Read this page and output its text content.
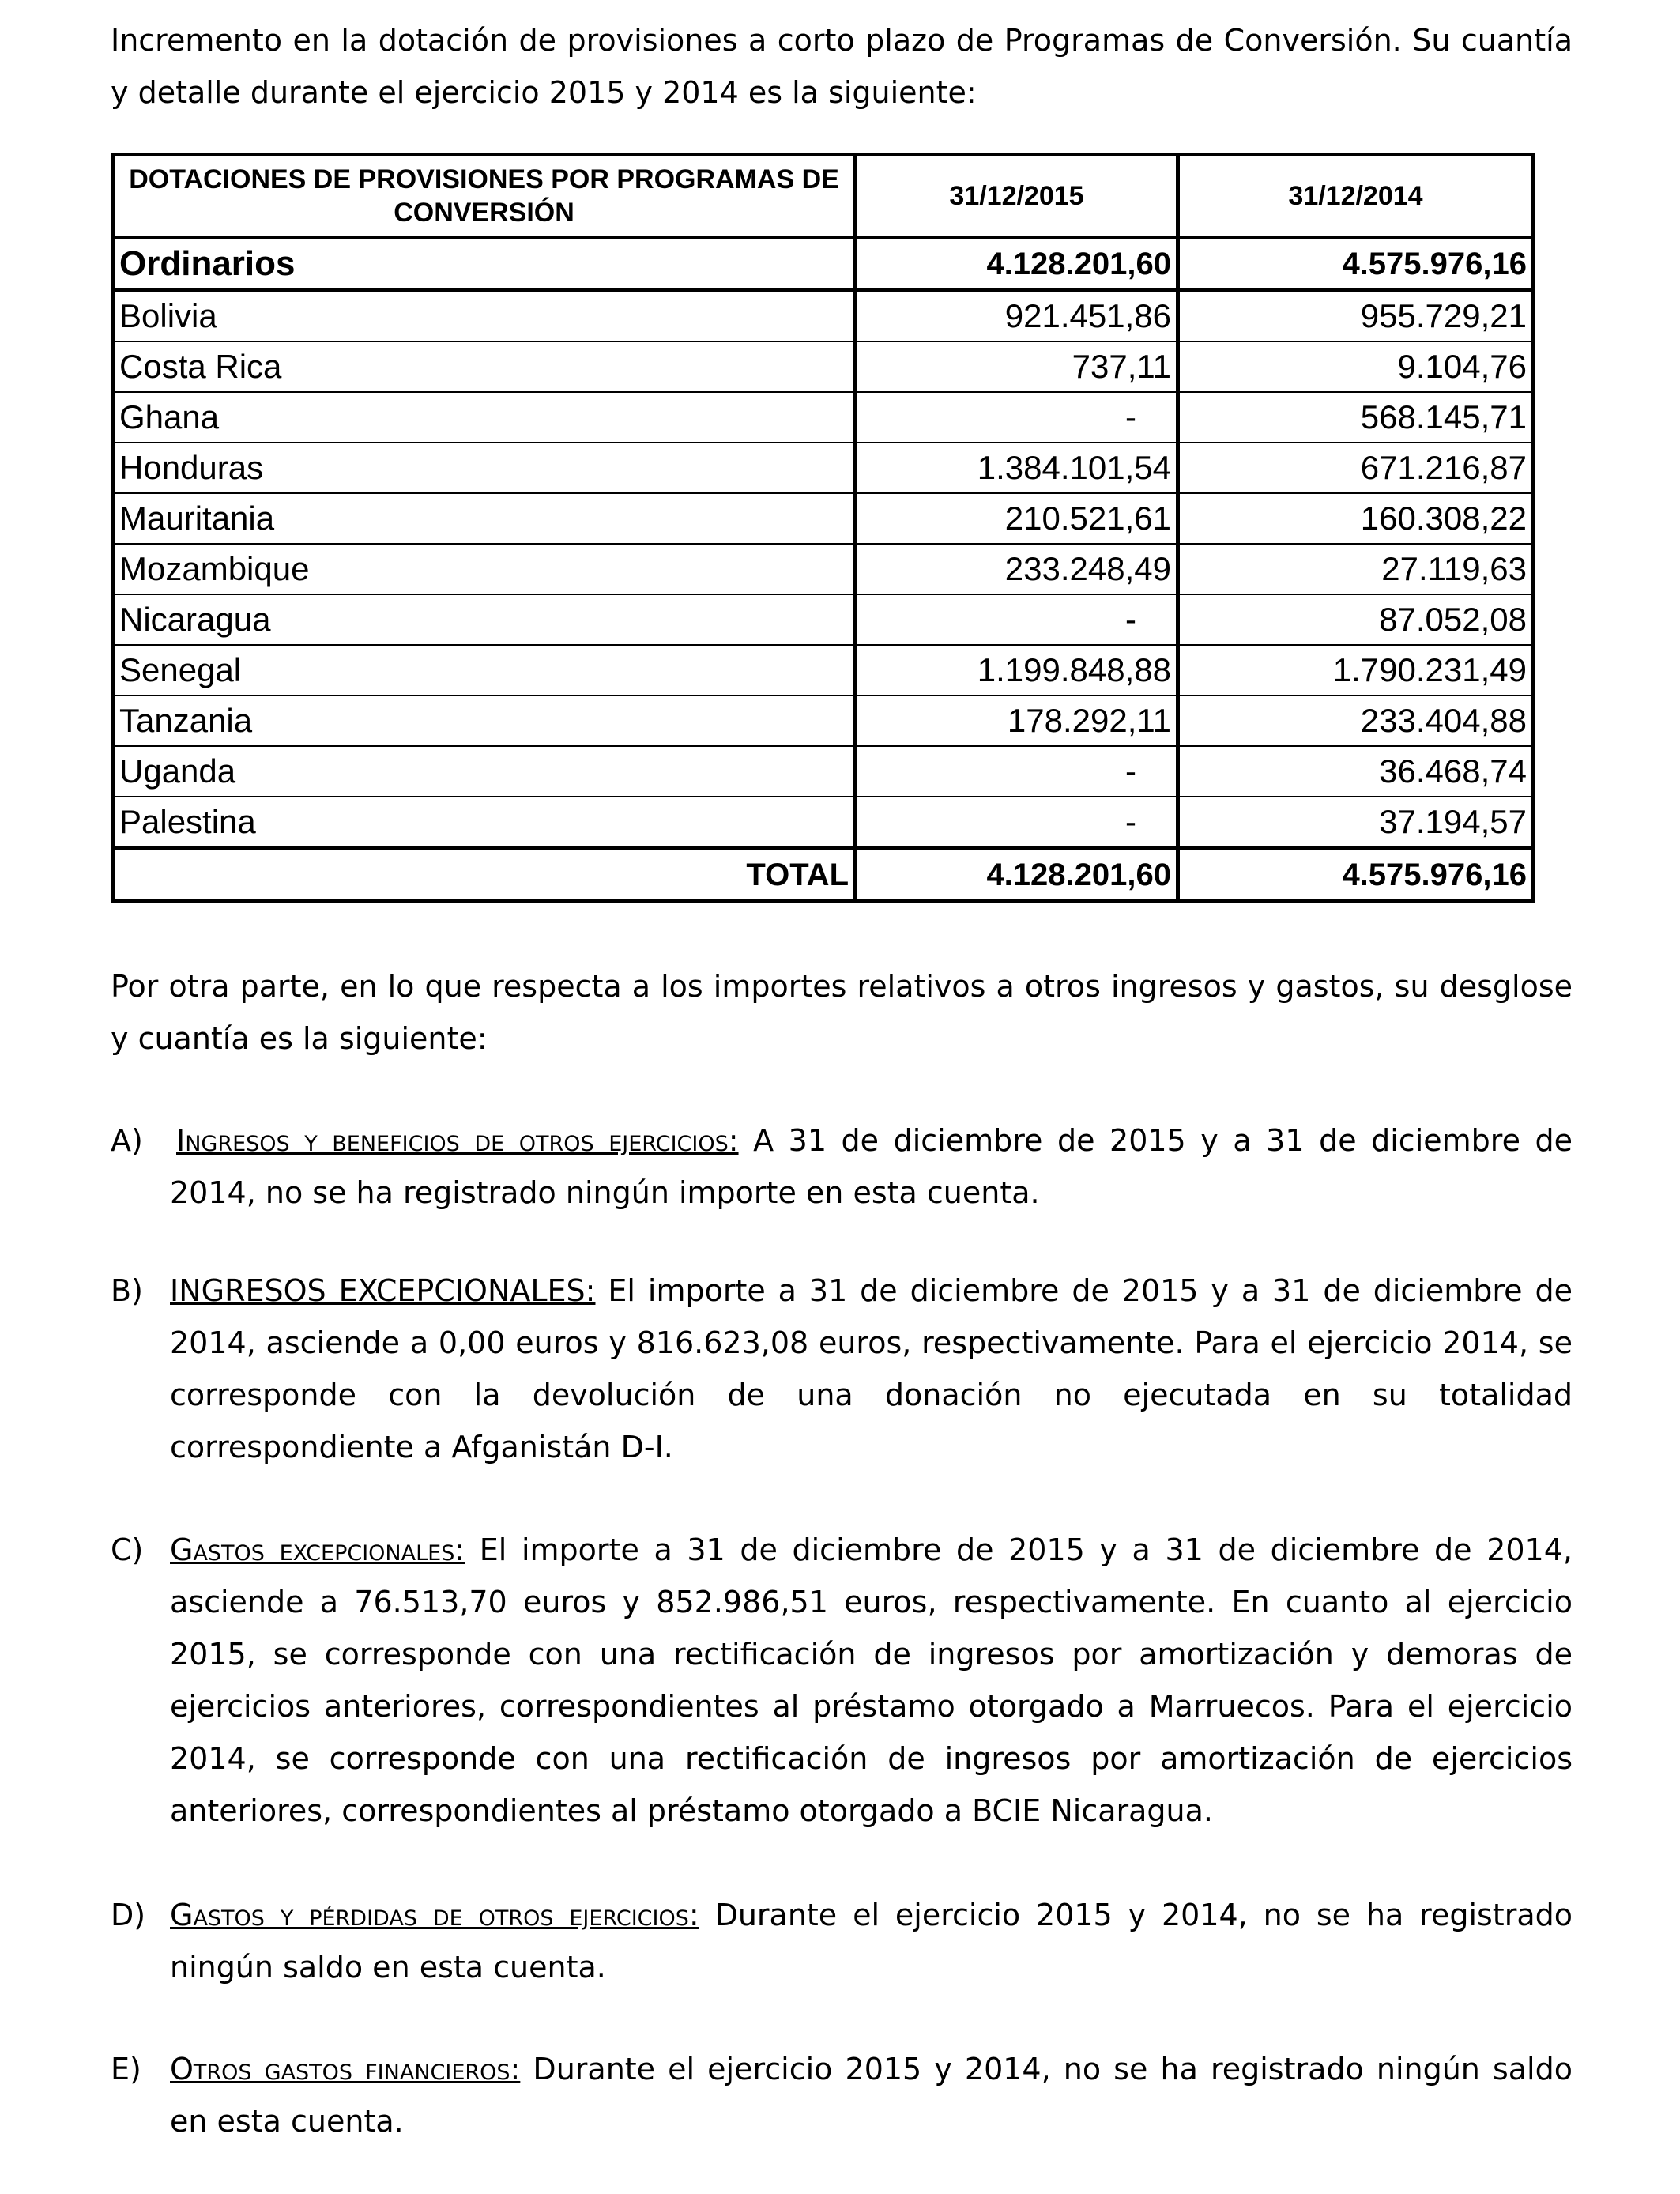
Incremento en la dotación de provisiones a corto plazo de Programas de Conversión. Su cuantía y detalle durante el ejercicio 2015 y 2014 es la siguiente:

DOTACIONES DE PROVISIONES POR PROGRAMAS DE CONVERSIÓN	31/12/2015	31/12/2014
Ordinarios	4.128.201,60	4.575.976,16
Bolivia	921.451,86	955.729,21
Costa Rica	737,11	9.104,76
Ghana	-	568.145,71
Honduras	1.384.101,54	671.216,87
Mauritania	210.521,61	160.308,22
Mozambique	233.248,49	27.119,63
Nicaragua	-	87.052,08
Senegal	1.199.848,88	1.790.231,49
Tanzania	178.292,11	233.404,88
Uganda	-	36.468,74
Palestina	-	37.194,57
TOTAL	4.128.201,60	4.575.976,16

Por otra parte, en lo que respecta a los importes relativos a otros ingresos y gastos, su desglose y cuantía es la siguiente:

A) Ingresos y beneficios de otros ejercicios: A 31 de diciembre de 2015 y a 31 de diciembre de 2014, no se ha registrado ningún importe en esta cuenta.

B) INGRESOS EXCEPCIONALES: El importe a 31 de diciembre de 2015 y a 31 de diciembre de 2014, asciende a 0,00 euros y 816.623,08 euros, respectivamente. Para el ejercicio 2014, se corresponde con la devolución de una donación no ejecutada en su totalidad correspondiente a Afganistán D-I.

C) Gastos excepcionales: El importe a 31 de diciembre de 2015 y a 31 de diciembre de 2014, asciende a 76.513,70 euros y 852.986,51 euros, respectivamente. En cuanto al ejercicio 2015, se corresponde con una rectificación de ingresos por amortización y demoras de ejercicios anteriores, correspondientes al préstamo otorgado a Marruecos. Para el ejercicio 2014, se corresponde con una rectificación de ingresos por amortización de ejercicios anteriores, correspondientes al préstamo otorgado a BCIE Nicaragua.

D) Gastos y pérdidas de otros ejercicios: Durante el ejercicio 2015 y 2014, no se ha registrado ningún saldo en esta cuenta.

E) Otros gastos financieros: Durante el ejercicio 2015 y 2014, no se ha registrado ningún saldo en esta cuenta.
